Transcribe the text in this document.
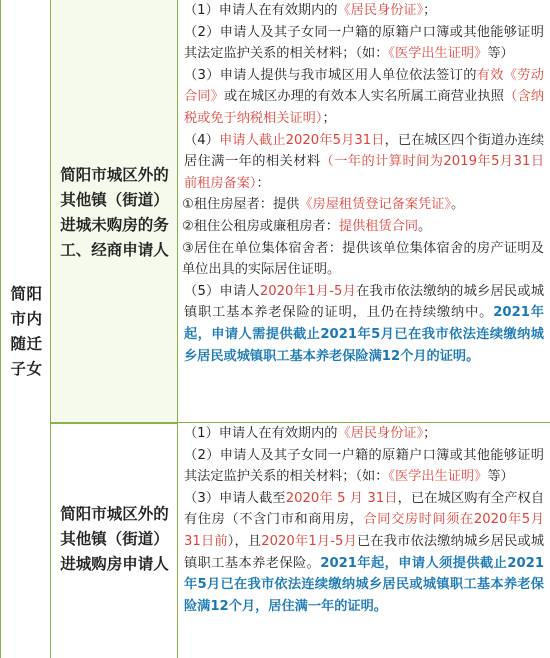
简阳市内随迁子女
简阳市城区外的其他镇（街道）进城未购房的务工、经商申请人

（1）申请人在有效期内的《居民身份证》；

（2）申请人及其子女同一户籍的原籍户口簿或其他能够证明其法定监护关系的相关材料；（如：《医学出生证明》等）

（3）申请人提供与我市城区用人单位依法签订的有效《劳动合同》或在城区办理的有效本人实名所属工商营业执照（含纳税或免于纳税相关证明）；

（4）申请人截止2020年5月31日，已在城区四个街道办连续居住满一年的相关材料（一年的计算时间为2019年5月31日前租房备案）：

①租住房屋者：提供《房屋租赁登记备案凭证》。

②租住公租房或廉租房者：提供租赁合同。

③居住在单位集体宿舍者：提供该单位集体宿舍的房产证明及单位出具的实际居住证明。

（5）申请人2020年1月-5月在我市依法缴纳的城乡居民或城镇职工基本养老保险的证明，且仍在持续缴纳中。2021年起，申请人需提供截止2021年5月已在我市依法连续缴纳城乡居民或城镇职工基本养老保险满12个月的证明。

简阳市城区外的其他镇（街道）进城购房申请人

（1）申请人在有效期内的《居民身份证》；

（2）申请人及其子女同一户籍的原籍户口簿或其他能够证明其法定监护关系的相关材料；（如：《医学出生证明》等）

（3）申请人截至2020年 5 月 31日，已在城区购有全产权自有住房（不含门市和商用房，合同交房时间须在2020年5月31日前），且2020年1月-5月已在我市依法缴纳城乡居民或城镇职工基本养老保险。2021年起，申请人须提供截止2021年5月已在我市依法连续缴纳城乡居民或城镇职工基本养老保险满12个月，居住满一年的证明。
